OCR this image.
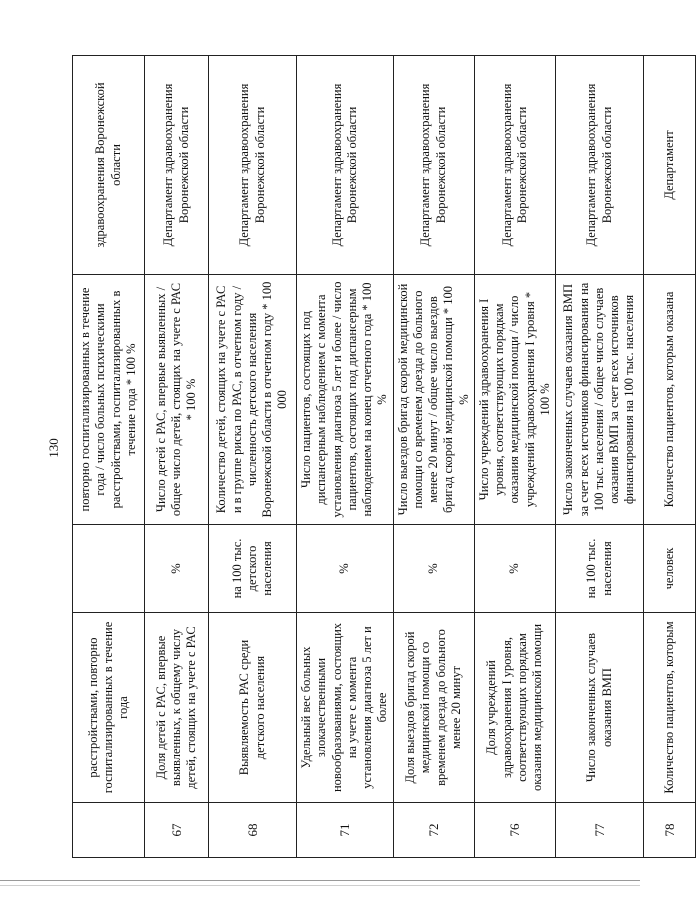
130
	расстройствами, повторно госпитализированных в течение года		повторно госпитализированных в течение года / число больных психическими расстройствами, госпитализированных в течение года * 100 %	здравоохранения Воронежской области
67	Доля детей с РАС, впервые выявленных, к общему числу детей, стоящих на учете с РАС	%	Число детей с РАС, впервые выявленных / общее число детей, стоящих на учете с РАС * 100 %	Департамент здравоохранения Воронежской области
68	Выявляемость РАС среди детского населения	на 100 тыс. детского населения	Количество детей, стоящих на учете с РАС и в группе риска по РАС, в отчетном году / численность детского населения Воронежской области в отчетном году * 100 000	Департамент здравоохранения Воронежской области
71	Удельный вес больных злокачественными новообразованиями, состоящих на учете с момента установления диагноза 5 лет и более	%	Число пациентов, состоящих под диспансерным наблюдением с момента установления диагноза 5 лет и более / число пациентов, состоящих под диспансерным наблюдением на конец отчетного года * 100 %	Департамент здравоохранения Воронежской области
72	Доля выездов бригад скорой медицинской помощи со временем доезда до больного менее 20 минут	%	Число выездов бригад скорой медицинской помощи со временем доезда до больного менее 20 минут / общее число выездов бригад скорой медицинской помощи * 100 %	Департамент здравоохранения Воронежской области
76	Доля учреждений здравоохранения I уровня, соответствующих порядкам оказания медицинской помощи	%	Число учреждений здравоохранения I уровня, соответствующих порядкам оказания медицинской помощи / число учреждений здравоохранения I уровня * 100 %	Департамент здравоохранения Воронежской области
77	Число законченных случаев оказания ВМП	на 100 тыс. населения	Число законченных случаев оказания ВМП за счет всех источников финансирования на 100 тыс. населения / общее число случаев оказания ВМП за счет всех источников финансирования на 100 тыс. населения	Департамент здравоохранения Воронежской области
78	Количество пациентов, которым	человек	Количество пациентов, которым оказана	Департамент
